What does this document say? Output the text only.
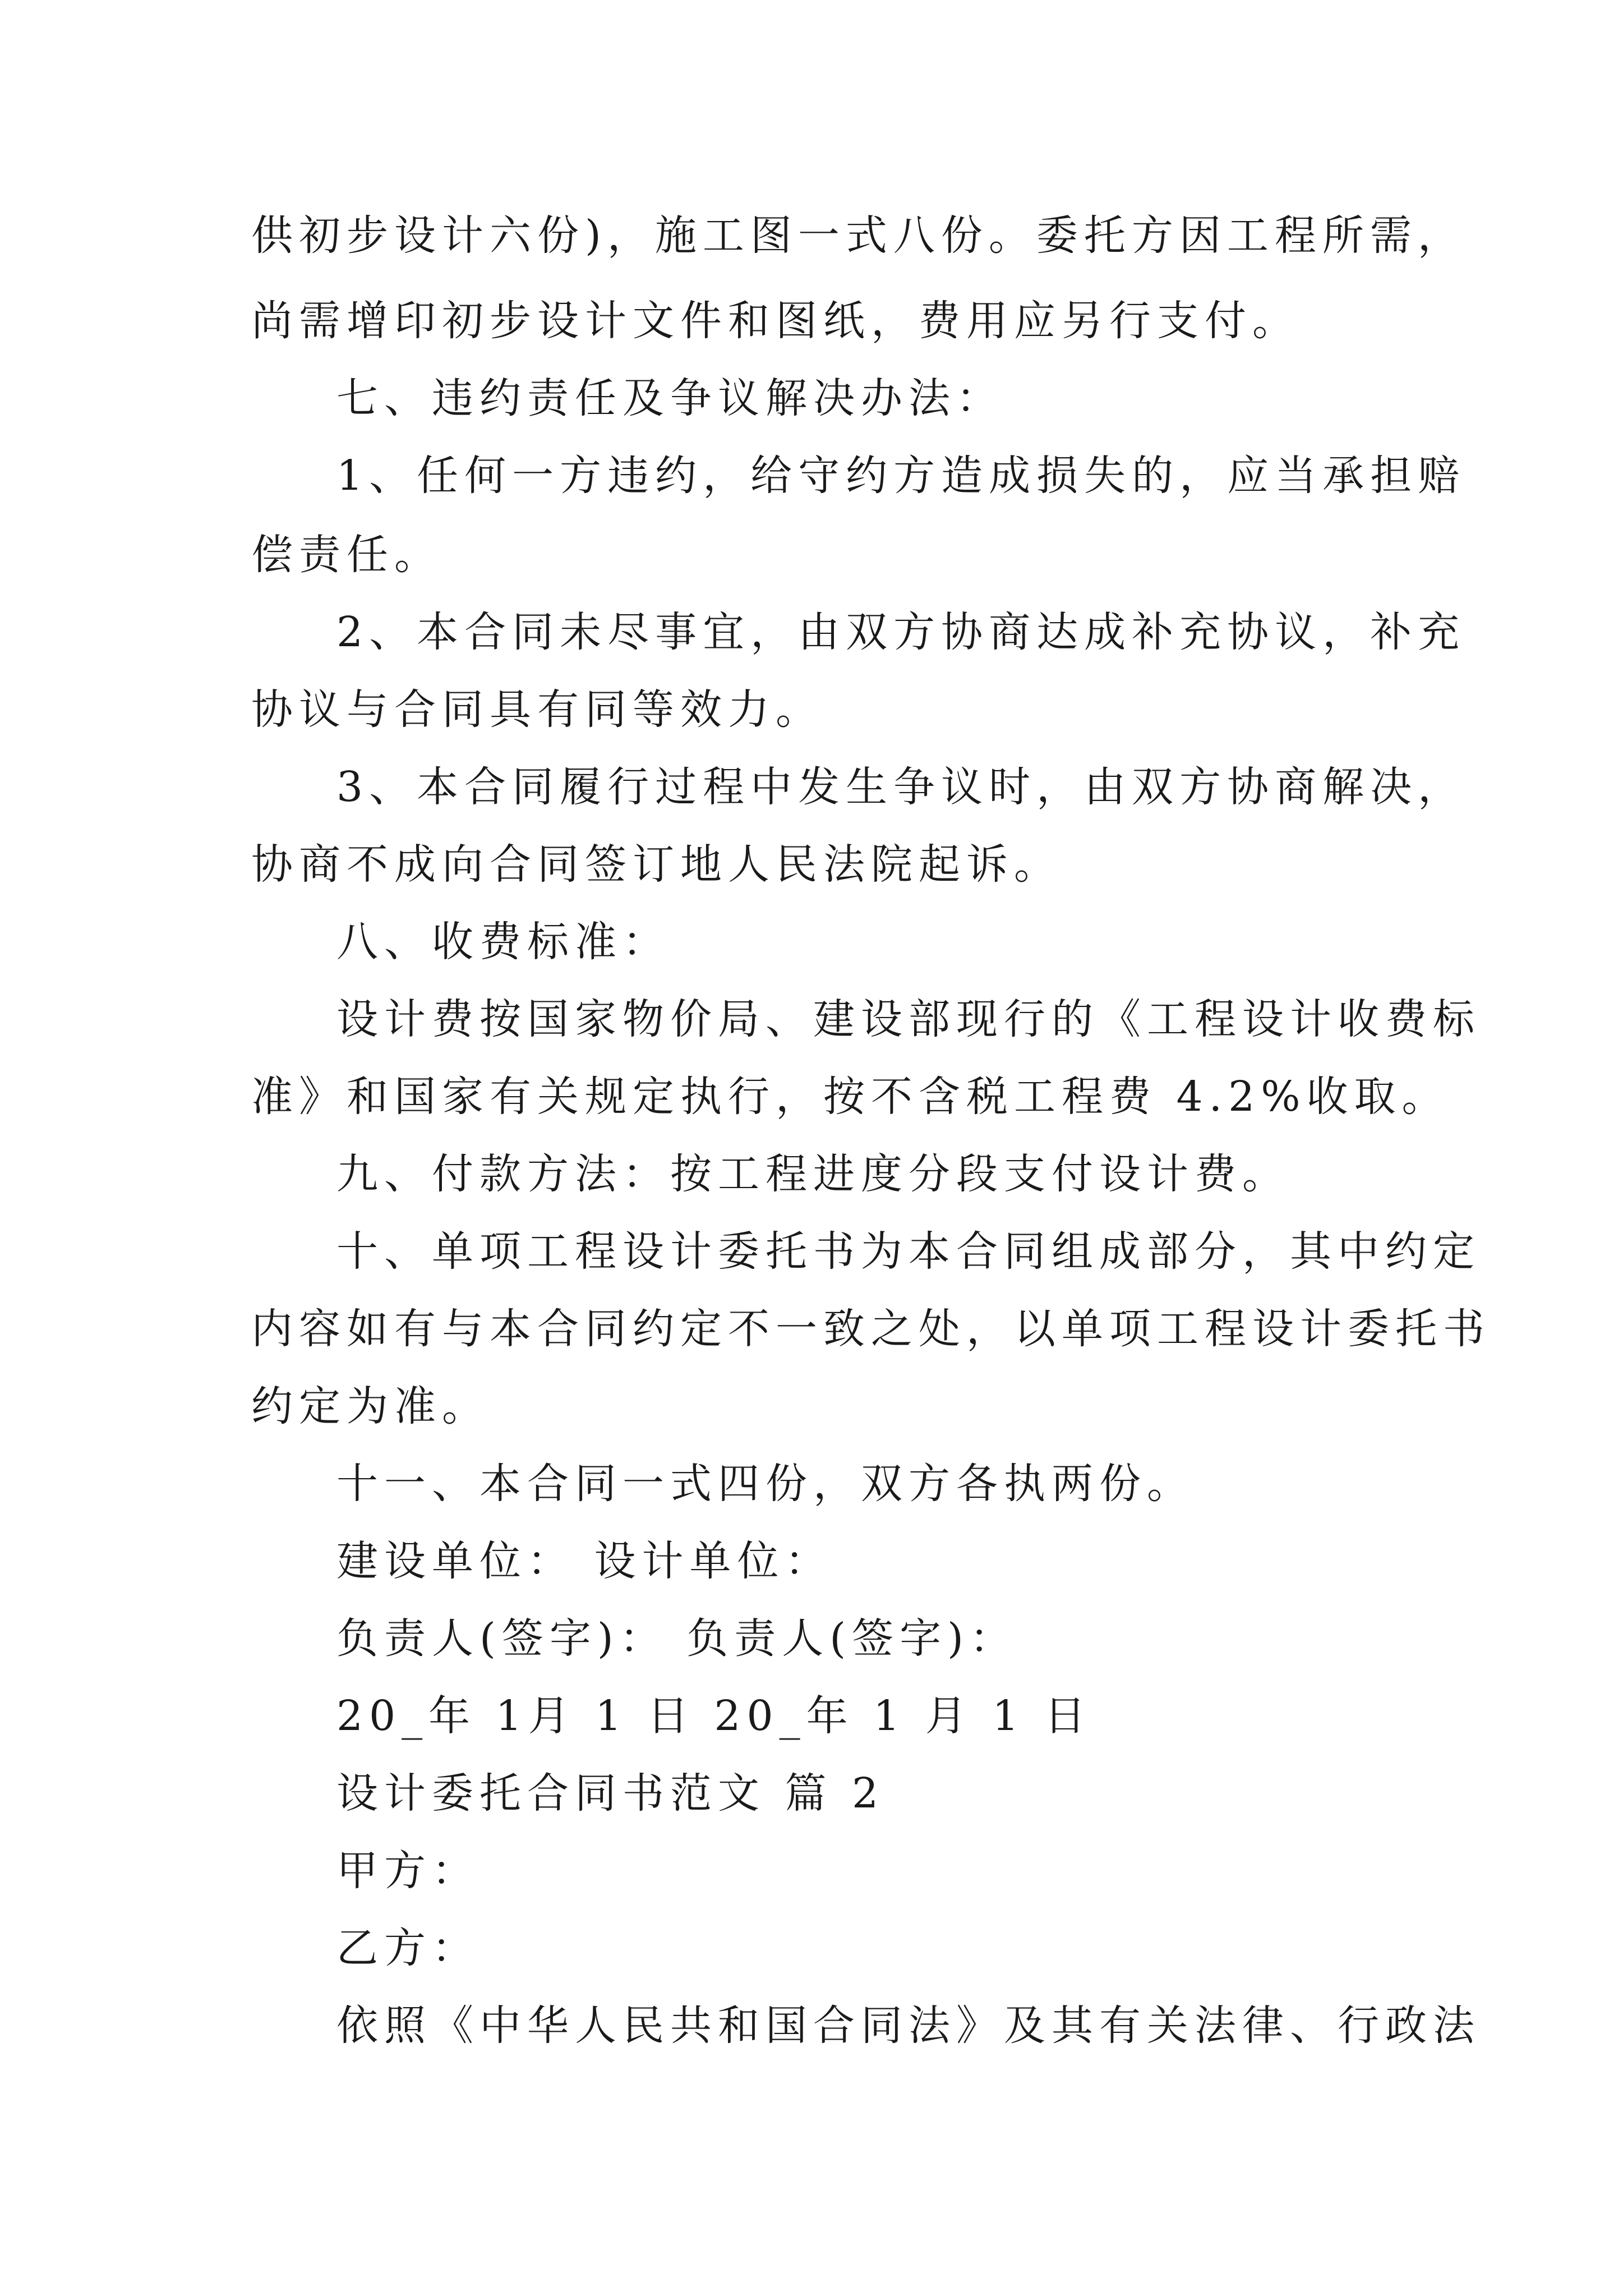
供初步设计六份)，施工图一式八份。委托方因工程所需，
尚需增印初步设计文件和图纸，费用应另行支付。
七、违约责任及争议解决办法：
1、任何一方违约，给守约方造成损失的，应当承担赔
偿责任。
2、本合同未尽事宜，由双方协商达成补充协议，补充
协议与合同具有同等效力。
3、本合同履行过程中发生争议时，由双方协商解决，
协商不成向合同签订地人民法院起诉。
八、收费标准：
设计费按国家物价局、建设部现行的《工程设计收费标
准》和国家有关规定执行，按不含税工程费 4.2%收取。
九、付款方法：按工程进度分段支付设计费。
十、单项工程设计委托书为本合同组成部分，其中约定
内容如有与本合同约定不一致之处，以单项工程设计委托书
约定为准。
十一、本合同一式四份，双方各执两份。
建设单位： 设计单位：
负责人(签字)： 负责人(签字)：
20_年 1月 1 日 20_年 1 月 1 日
设计委托合同书范文 篇 2
甲方：
乙方：
依照《中华人民共和国合同法》及其有关法律、行政法
